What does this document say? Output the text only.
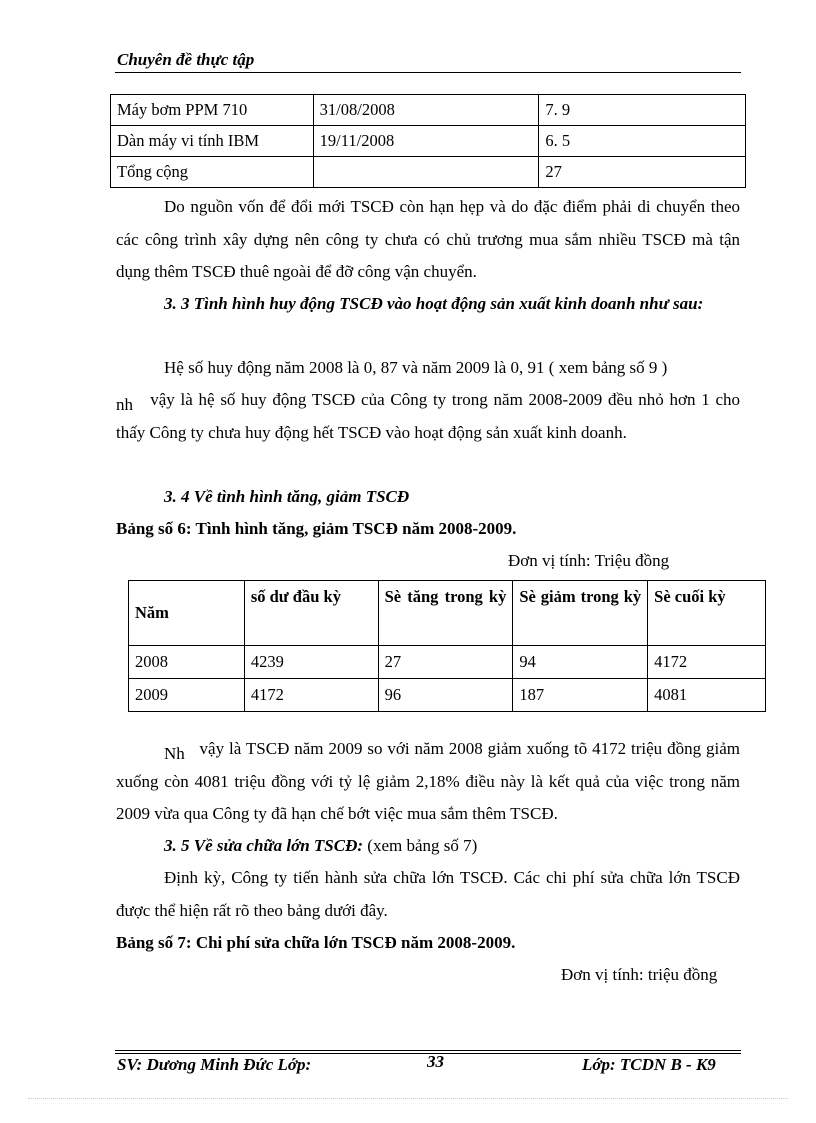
Chuyên đề thực tập
Máy bơm PPM 710	31/08/2008	7. 9
Dàn máy vi tính IBM	19/11/2008	6. 5
Tổng cộng		27
Do nguồn vốn để đổi mới TSCĐ còn hạn hẹp và do đặc điểm phải di chuyển theo các công trình xây dựng nên công ty chưa có chủ trương mua sắm nhiều TSCĐ mà tận dụng thêm TSCĐ thuê ngoài để đỡ công vận chuyển.
3. 3 Tình hình huy động TSCĐ vào hoạt động sản xuất kinh doanh như sau:
Hệ số huy động năm 2008 là 0, 87 và năm 2009 là 0, 91 ( xem bảng số 9 )
nh vậy là hệ số huy động TSCĐ của Công ty trong năm 2008-2009 đều nhỏ hơn 1 cho thấy Công ty chưa huy động hết TSCĐ vào hoạt động sản xuất kinh doanh.
3. 4 Về tình hình tăng, giảm TSCĐ
Bảng số 6: Tình hình tăng, giảm TSCĐ năm 2008-2009.
Đơn vị tính: Triệu đồng
Năm	số dư đầu kỳ	Sè tăng trong kỳ	Sè giảm trong kỳ	Sè cuối kỳ
2008	4239	27	94	4172
2009	4172	96	187	4081
Nh vậy là TSCĐ năm 2009 so với năm 2008 giảm xuống tõ 4172 triệu đồng giảm xuống còn 4081 triệu đồng với tỷ lệ giảm 2,18% điều này là kết quả của việc trong năm 2009 vừa qua Công ty đã hạn chế bớt việc mua sắm thêm TSCĐ.
3. 5 Về sửa chữa lớn TSCĐ: (xem bảng số 7)
Định kỳ, Công ty tiến hành sửa chữa lớn TSCĐ. Các chi phí sửa chữa lớn TSCĐ được thể hiện rất rõ theo bảng dưới đây.
Bảng số 7: Chi phí sửa chữa lớn TSCĐ năm 2008-2009.
Đơn vị tính: triệu đồng
SV: Dương Minh Đức Lớp:	33	Lớp: TCDN B - K9
